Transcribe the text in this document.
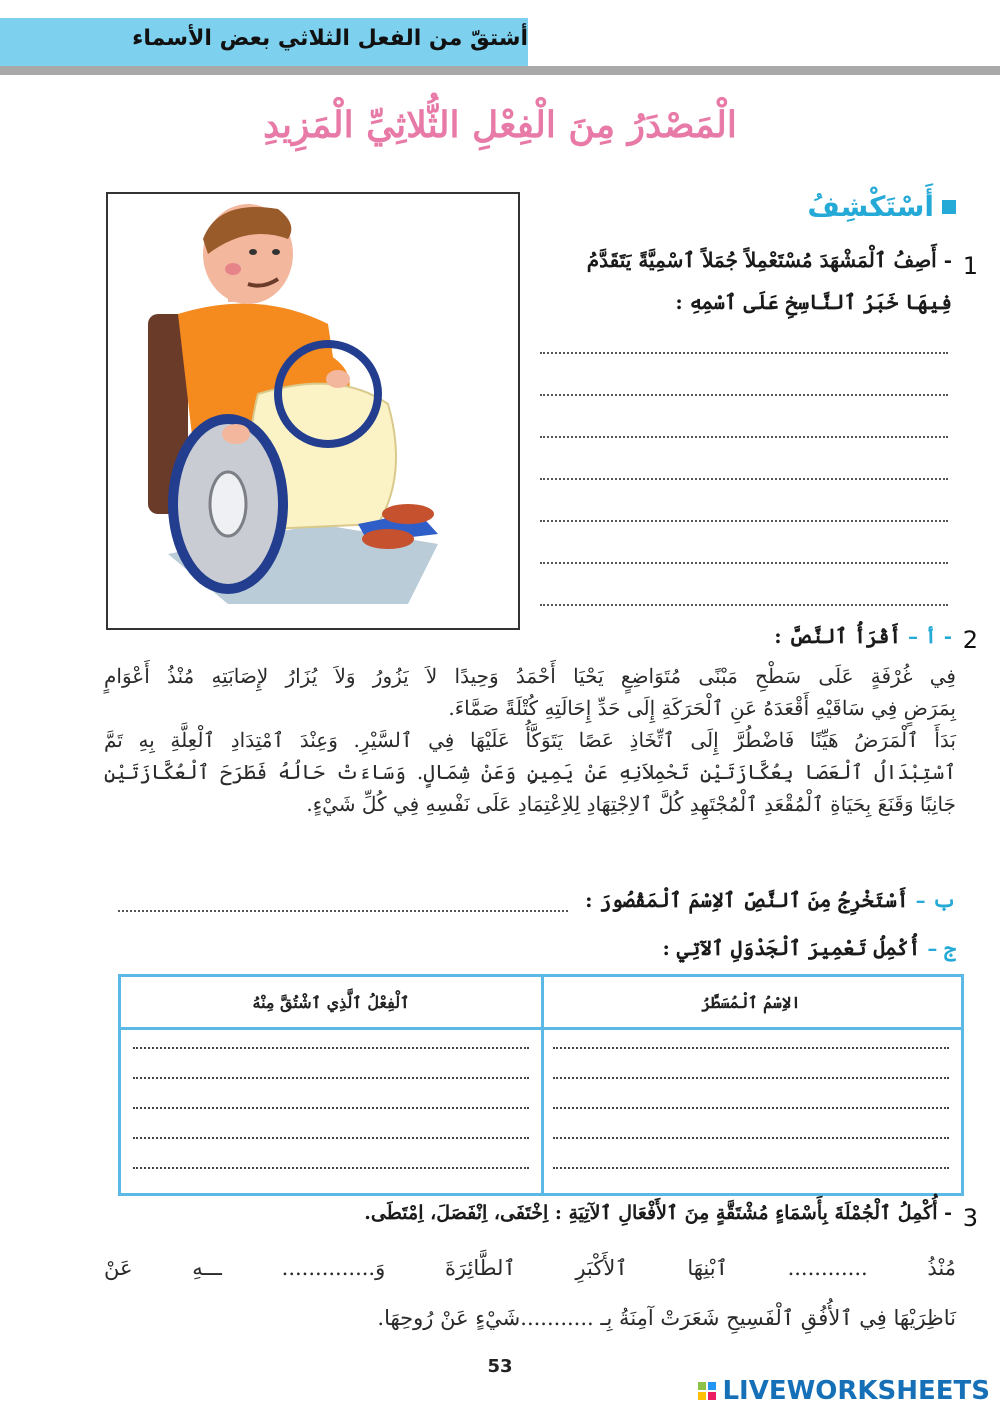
أشتقّ من الفعل الثلاثي بعض الأسماء
الْمَصْدَرُ مِنَ الْفِعْلِ الثُّلاثِيِّ الْمَزِيدِ
أَسْتَكْشِفُ
1
- أَصِفُ ٱلْمَشْهَدَ مُسْتَعْمِلاً جُمَلاً ٱسْمِيَّةً يَتَقَدَّمُ
فِيهَا خَبَرُ ٱلنَّاسِخِ عَلَى ٱسْمِهِ :
2
- أ – أَقْرَأُ ٱلنَّصَّ :
فِي غُرْفَةٍ عَلَى سَطْحِ مَبْنًى مُتَوَاضِعٍ يَحْيَا أَحْمَدُ وَحِيدًا لاَ يَزُورُ وَلاَ يُزَارُ لإِصَابَتِهِ مُنْذُ أَعْوَامٍ
بِمَرَضٍ فِي سَاقَيْهِ أَقْعَدَهُ عَنِ ٱلْحَرَكَةِ إِلَى حَدِّ إِحَالَتِهِ كُتْلَةً صَمَّاءَ.
بَدَأَ ٱلْمَرَضُ هَيِّنًا فَاضْطُرَّ إِلَى ٱتِّخَاذِ عَصًا يَتَوَكَّأُ عَلَيْهَا فِي ٱلسَّيْرِ. وَعِنْدَ ٱمْتِدَادِ ٱلْعِلَّةِ بِهِ تَمَّ
ٱسْتِبْدَالُ ٱلْعَصَا بِعُكَّازَتَيْنِ تَحْمِلاَنِهِ عَنْ يَمِينٍ وَعَنْ شِمَالٍ. وَسَاءَتْ حَالُهُ فَطَرَحَ ٱلْعُكَّازَتَيْنِ
جَانِبًا وَقَنَعَ بِحَيَاةِ ٱلْمُقْعَدِ ٱلْمُجْتَهِدِ كُلَّ ٱلاِجْتِهَادِ لِلاِعْتِمَادِ عَلَى نَفْسِهِ فِي كُلِّ شَيْءٍ.
ب – أَسْتَخْرِجُ مِنَ ٱلنَّصِّ ٱلاِسْمَ ٱلْمَقْصُورَ :
ج – أُكْمِلُ تَعْمِيرَ ٱلْجَدْوَلِ ٱلآتِي :
الاِسْمُ ٱلْمُسَطَّرُ
ٱلْفِعْلُ ٱلَّذِي ٱشْتُقَّ مِنْهُ
3
- أُكْمِلُ ٱلْجُمْلَةَ بِأَسْمَاءٍ مُشْتَقَّةٍ مِنَ ٱلأَفْعَالِ ٱلآتِيَةِ : اِخْتَفَى، اِنْفَصَلَ، اِمْتَطَى.
مُنْذُ ............ ٱبْنِهَا ٱلأَكْبَرِ ٱلطَّائِرَةَ وَ.............. ـــهِ عَنْ
نَاظِرَيْهَا فِي ٱلأُفُقِ ٱلْفَسِيحِ شَعَرَتْ آمِنَةُ بِـ ...........شَيْءٍ عَنْ رُوحِهَا.
53
LIVEWORKSHEETS
